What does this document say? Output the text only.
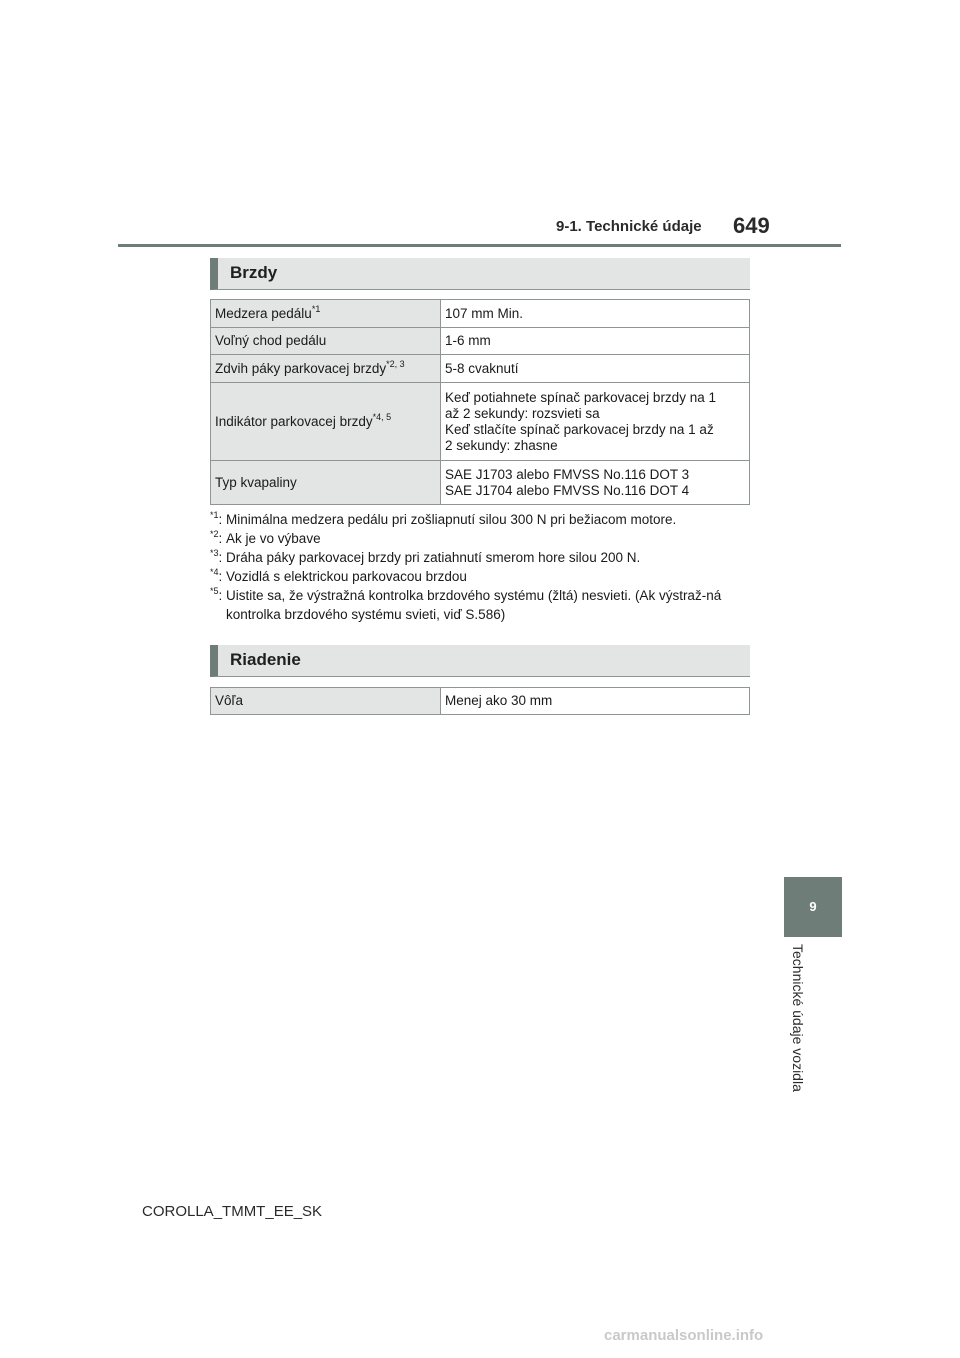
9-1. Technické údaje 649
Brzdy
Medzera pedálu$^{*1}$	107 mm Min.

Voľný chod pedálu	1-6 mm

Zdvih páky parkovacej brzdy$^{*2, 3}$	5-8 cvaknutí

Indikátor parkovacej brzdy$^{*4, 5}$	Keď potiahnete spínač parkovacej brzdy na 1
až 2 sekundy: rozsvieti sa
Keď stlačíte spínač parkovacej brzdy na 1 až
2 sekundy: zhasne

Typ kvapaliny	SAE J1703 alebo FMVSS No.116 DOT 3
SAE J1704 alebo FMVSS No.116 DOT 4
$^{*1}$: Minimálna medzera pedálu pri zošliapnutí silou 300 N pri bežiacom motore.
$^{*2}$: Ak je vo výbave
$^{*3}$: Dráha páky parkovacej brzdy pri zatiahnutí smerom hore silou 200 N.
$^{*4}$: Vozidlá s elektrickou parkovacou brzdou
$^{*5}$: Uistite sa, že výstražná kontrolka brzdového systému (žltá) nesvieti. (Ak výstraž-ná kontrolka brzdového systému svieti, viď S.586)
Riadenie
Vôľa	Menej ako 30 mm
9
Technické údaje vozidla
COROLLA_TMMT_EE_SK
carmanualsonline.info
